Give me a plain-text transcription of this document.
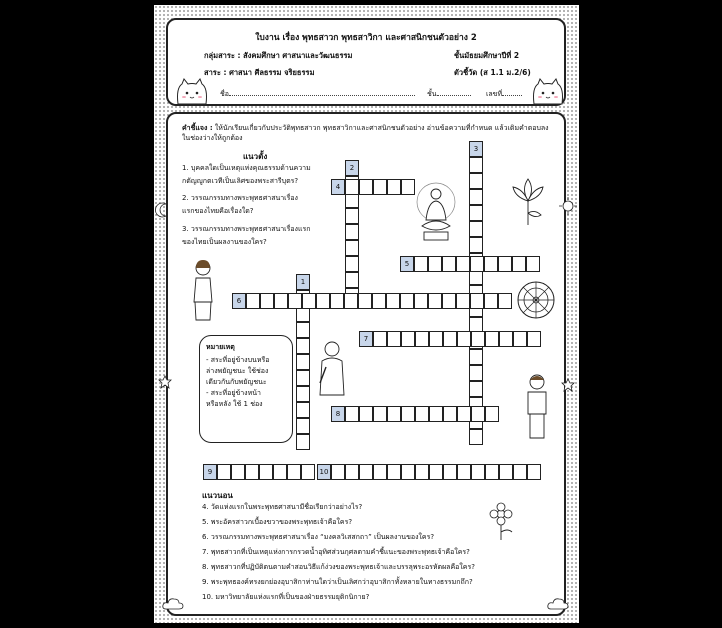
ใบงาน เรื่อง พุทธสาวก พุทธสาวิกา และศาสนิกชนตัวอย่าง 2
กลุ่มสาระ : สังคมศึกษา ศาสนาและวัฒนธรรม	ชั้นมัธยมศึกษาปีที่ 2
สาระ : ศาสนา ศีลธรรม จริยธรรม	ตัวชี้วัด (ส 1.1 ม.2/6)
ชื่อ	ชั้น	เลขที่
คำชี้แจง : ให้นักเรียนเกี่ยวกับประวัติพุทธสาวก พุทธสาวิกาและศาสนิกชนตัวอย่าง อ่านข้อความที่กำหนด แล้วเติมคำตอบลงในช่องว่างให้ถูกต้อง
แนวตั้ง
1. บุคคลใดเป็นเหตุแห่งคุณธรรมด้านความ
กตัญญูกตเวทีเป็นเลิศของพระสารีบุตร?
2. วรรณกรรมทางพระพุทธศาสนาเรื่อง
แรกของไทยคือเรื่องใด?
3. วรรณกรรมทางพระพุทธศาสนาเรื่องแรก
ของไทยเป็นผลงานของใคร?
1
2
3
4
5
6
7
8
9	10
หมายเหตุ
- สระที่อยู่ข้างบนหรือ
ล่างพยัญชนะ ใช้ช่อง
เดียวกันกับพยัญชนะ
- สระที่อยู่ข้างหน้า
หรือหลัง ใช้ 1 ช่อง
แนวนอน
4. วัดแห่งแรกในพระพุทธศาสนามีชื่อเรียกว่าอย่างไร?
5. พระอัครสาวกเบื้องขวาของพระพุทธเจ้าคือใคร?
6. วรรณกรรมทางพระพุทธศาสนาเรื่อง “มงคลวิเสสกถา” เป็นผลงานของใคร?
7. พุทธสาวกที่เป็นเหตุแห่งการกรวดน้ำอุทิศส่วนกุศลตามคำชี้แนะของพระพุทธเจ้าคือใคร?
8. พุทธสาวกที่ปฏิบัติตนตามคำสอนวิธีแก้ง่วงของพระพุทธเจ้าและบรรลุพระอรหัตผลคือใคร?
9. พระพุทธองค์ทรงยกย่องอุบาสิกาท่านใดว่าเป็นเลิศกว่าอุบาสิกาทั้งหลายในทางธรรมกถึก?
10. มหาวิทยาลัยแห่งแรกที่เป็นของฝ่ายธรรมยุติกนิกาย?
